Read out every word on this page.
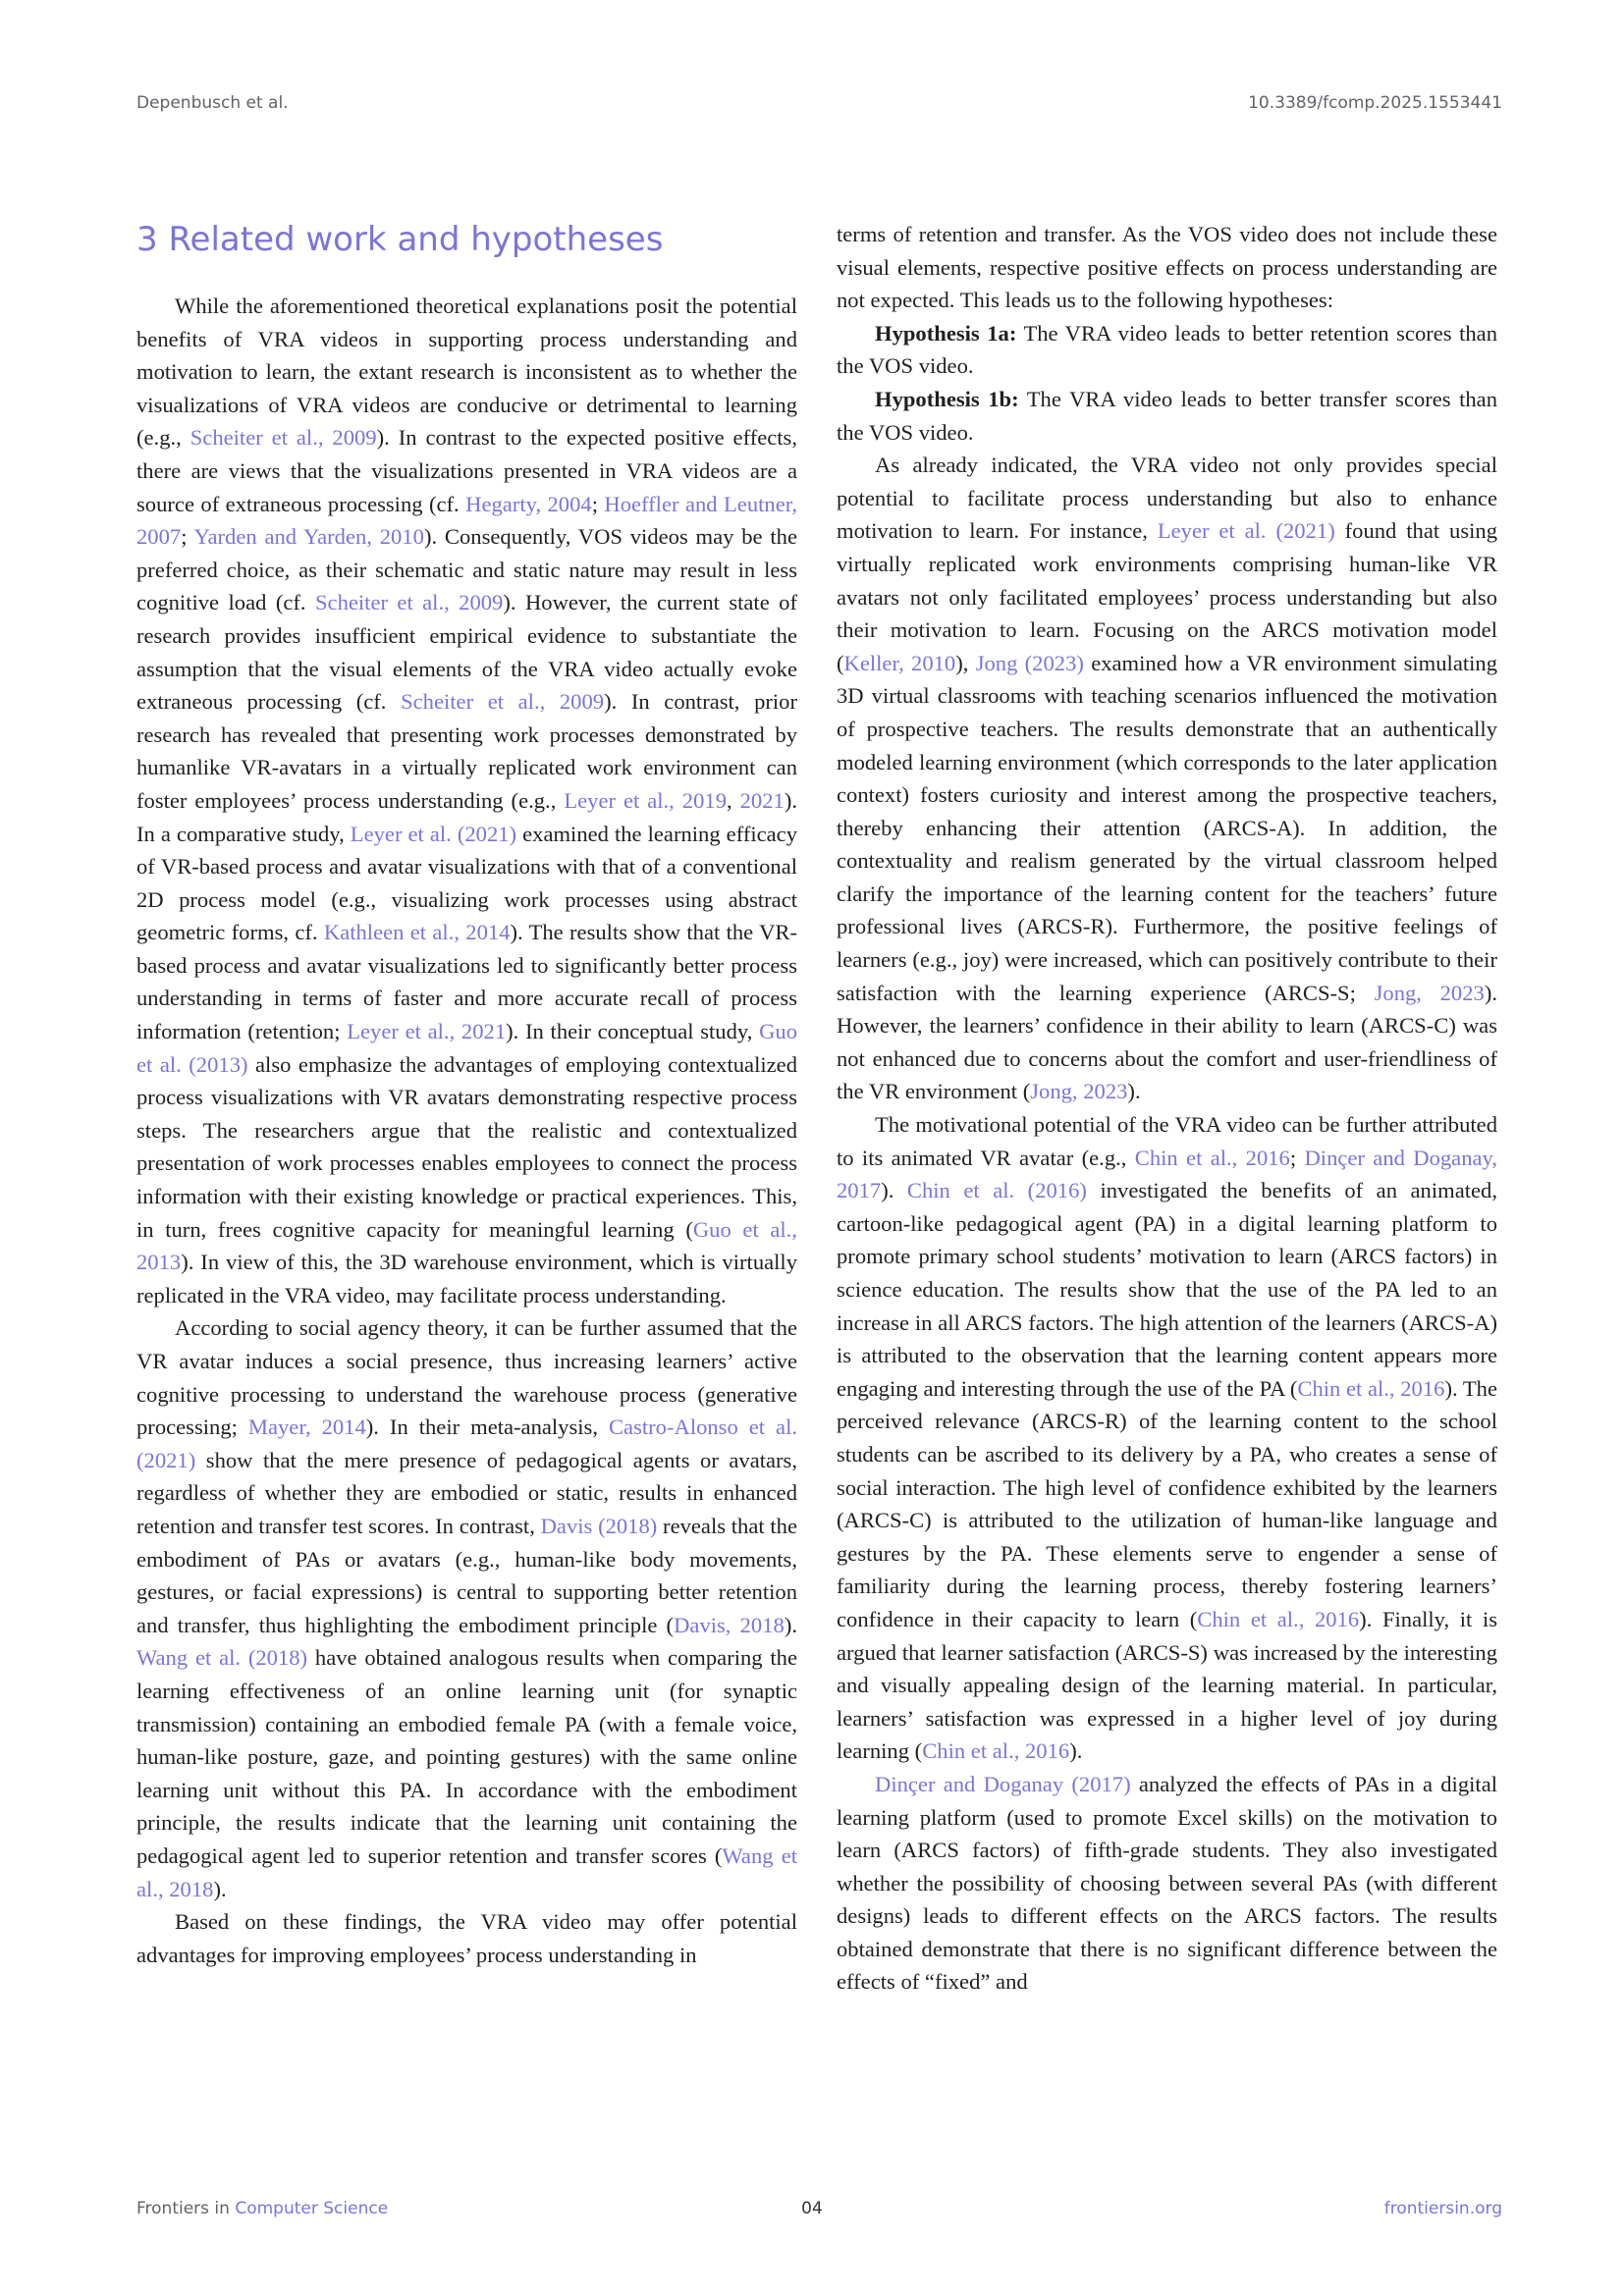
Depenbusch et al.	10.3389/fcomp.2025.1553441
3 Related work and hypotheses

While the aforementioned theoretical explanations posit the potential benefits of VRA videos in supporting process understanding and motivation to learn, the extant research is inconsistent as to whether the visualizations of VRA videos are conducive or detrimental to learning (e.g., Scheiter et al., 2009). In contrast to the expected positive effects, there are views that the visualizations presented in VRA videos are a source of extraneous processing (cf. Hegarty, 2004; Hoeffler and Leutner, 2007; Yarden and Yarden, 2010). Consequently, VOS videos may be the preferred choice, as their schematic and static nature may result in less cognitive load (cf. Scheiter et al., 2009). However, the current state of research provides insufficient empirical evidence to substantiate the assumption that the visual elements of the VRA video actually evoke extraneous processing (cf. Scheiter et al., 2009). In contrast, prior research has revealed that presenting work processes demonstrated by humanlike VR-avatars in a virtually replicated work environment can foster employees’ process understanding (e.g., Leyer et al., 2019, 2021). In a comparative study, Leyer et al. (2021) examined the learning efficacy of VR-based process and avatar visualizations with that of a conventional 2D process model (e.g., visualizing work processes using abstract geometric forms, cf. Kathleen et al., 2014). The results show that the VR-based process and avatar visualizations led to significantly better process understanding in terms of faster and more accurate recall of process information (retention; Leyer et al., 2021). In their conceptual study, Guo et al. (2013) also emphasize the advantages of employing contextualized process visualizations with VR avatars demonstrating respective process steps. The researchers argue that the realistic and contextualized presentation of work processes enables employees to connect the process information with their existing knowledge or practical experiences. This, in turn, frees cognitive capacity for meaningful learning (Guo et al., 2013). In view of this, the 3D warehouse environment, which is virtually replicated in the VRA video, may facilitate process understanding.

According to social agency theory, it can be further assumed that the VR avatar induces a social presence, thus increasing learners’ active cognitive processing to understand the warehouse process (generative processing; Mayer, 2014). In their meta-analysis, Castro-Alonso et al. (2021) show that the mere presence of pedagogical agents or avatars, regardless of whether they are embodied or static, results in enhanced retention and transfer test scores. In contrast, Davis (2018) reveals that the embodiment of PAs or avatars (e.g., human-like body movements, gestures, or facial expressions) is central to supporting better retention and transfer, thus highlighting the embodiment principle (Davis, 2018). Wang et al. (2018) have obtained analogous results when comparing the learning effectiveness of an online learning unit (for synaptic transmission) containing an embodied female PA (with a female voice, human-like posture, gaze, and pointing gestures) with the same online learning unit without this PA. In accordance with the embodiment principle, the results indicate that the learning unit containing the pedagogical agent led to superior retention and transfer scores (Wang et al., 2018).

Based on these findings, the VRA video may offer potential advantages for improving employees’ process understanding in

terms of retention and transfer. As the VOS video does not include these visual elements, respective positive effects on process understanding are not expected. This leads us to the following hypotheses:

Hypothesis 1a: The VRA video leads to better retention scores than the VOS video.

Hypothesis 1b: The VRA video leads to better transfer scores than the VOS video.

As already indicated, the VRA video not only provides special potential to facilitate process understanding but also to enhance motivation to learn. For instance, Leyer et al. (2021) found that using virtually replicated work environments comprising human-like VR avatars not only facilitated employees’ process understanding but also their motivation to learn. Focusing on the ARCS motivation model (Keller, 2010), Jong (2023) examined how a VR environment simulating 3D virtual classrooms with teaching scenarios influenced the motivation of prospective teachers. The results demonstrate that an authentically modeled learning environment (which corresponds to the later application context) fosters curiosity and interest among the prospective teachers, thereby enhancing their attention (ARCS-A). In addition, the contextuality and realism generated by the virtual classroom helped clarify the importance of the learning content for the teachers’ future professional lives (ARCS-R). Furthermore, the positive feelings of learners (e.g., joy) were increased, which can positively contribute to their satisfaction with the learning experience (ARCS-S; Jong, 2023). However, the learners’ confidence in their ability to learn (ARCS-C) was not enhanced due to concerns about the comfort and user-friendliness of the VR environment (Jong, 2023).

The motivational potential of the VRA video can be further attributed to its animated VR avatar (e.g., Chin et al., 2016; Dinçer and Doganay, 2017). Chin et al. (2016) investigated the benefits of an animated, cartoon-like pedagogical agent (PA) in a digital learning platform to promote primary school students’ motivation to learn (ARCS factors) in science education. The results show that the use of the PA led to an increase in all ARCS factors. The high attention of the learners (ARCS-A) is attributed to the observation that the learning content appears more engaging and interesting through the use of the PA (Chin et al., 2016). The perceived relevance (ARCS-R) of the learning content to the school students can be ascribed to its delivery by a PA, who creates a sense of social interaction. The high level of confidence exhibited by the learners (ARCS-C) is attributed to the utilization of human-like language and gestures by the PA. These elements serve to engender a sense of familiarity during the learning process, thereby fostering learners’ confidence in their capacity to learn (Chin et al., 2016). Finally, it is argued that learner satisfaction (ARCS-S) was increased by the interesting and visually appealing design of the learning material. In particular, learners’ satisfaction was expressed in a higher level of joy during learning (Chin et al., 2016).

Dinçer and Doganay (2017) analyzed the effects of PAs in a digital learning platform (used to promote Excel skills) on the motivation to learn (ARCS factors) of fifth-grade students. They also investigated whether the possibility of choosing between several PAs (with different designs) leads to different effects on the ARCS factors. The results obtained demonstrate that there is no significant difference between the effects of “fixed” and

Frontiers in Computer Science	04	frontiersin.org
